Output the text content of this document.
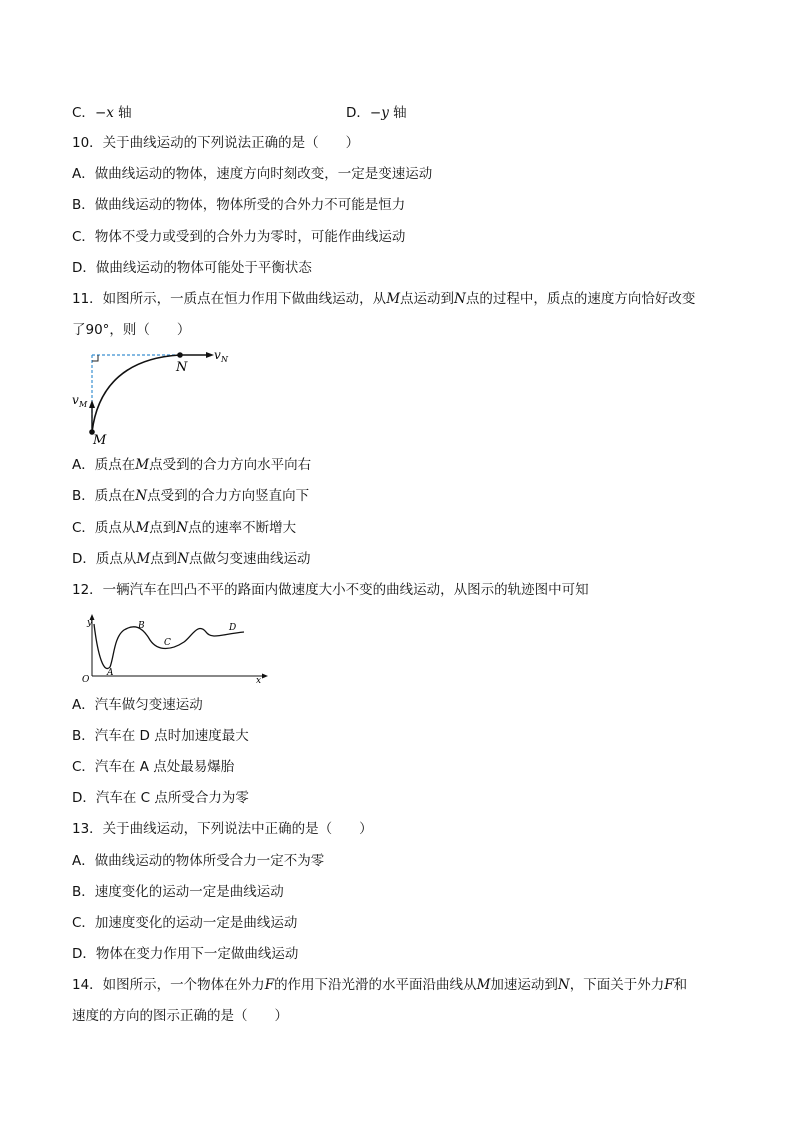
C．−x 轴	D．−y 轴
10．关于曲线运动的下列说法正确的是（　　）
A．做曲线运动的物体，速度方向时刻改变，一定是变速运动
B．做曲线运动的物体，物体所受的合外力不可能是恒力
C．物体不受力或受到的合外力为零时，可能作曲线运动
D．做曲线运动的物体可能处于平衡状态
11．如图所示，一质点在恒力作用下做曲线运动，从M点运动到N点的过程中，质点的速度方向恰好改变
了90°，则（　　）
N
M
v N
v M
A．质点在M点受到的合力方向水平向右
B．质点在N点受到的合力方向竖直向下
C．质点从M点到N点的速率不断增大
D．质点从M点到N点做匀变速曲线运动
12．一辆汽车在凹凸不平的路面内做速度大小不变的曲线运动，从图示的轨迹图中可知
y
O	x
A
B
C
D
A．汽车做匀变速运动
B．汽车在 D 点时加速度最大
C．汽车在 A 点处最易爆胎
D．汽车在 C 点所受合力为零
13．关于曲线运动，下列说法中正确的是（　　）
A．做曲线运动的物体所受合力一定不为零
B．速度变化的运动一定是曲线运动
C．加速度变化的运动一定是曲线运动
D．物体在变力作用下一定做曲线运动
14．如图所示，一个物体在外力F的作用下沿光滑的水平面沿曲线从M加速运动到N，下面关于外力F和
速度的方向的图示正确的是（　　）
